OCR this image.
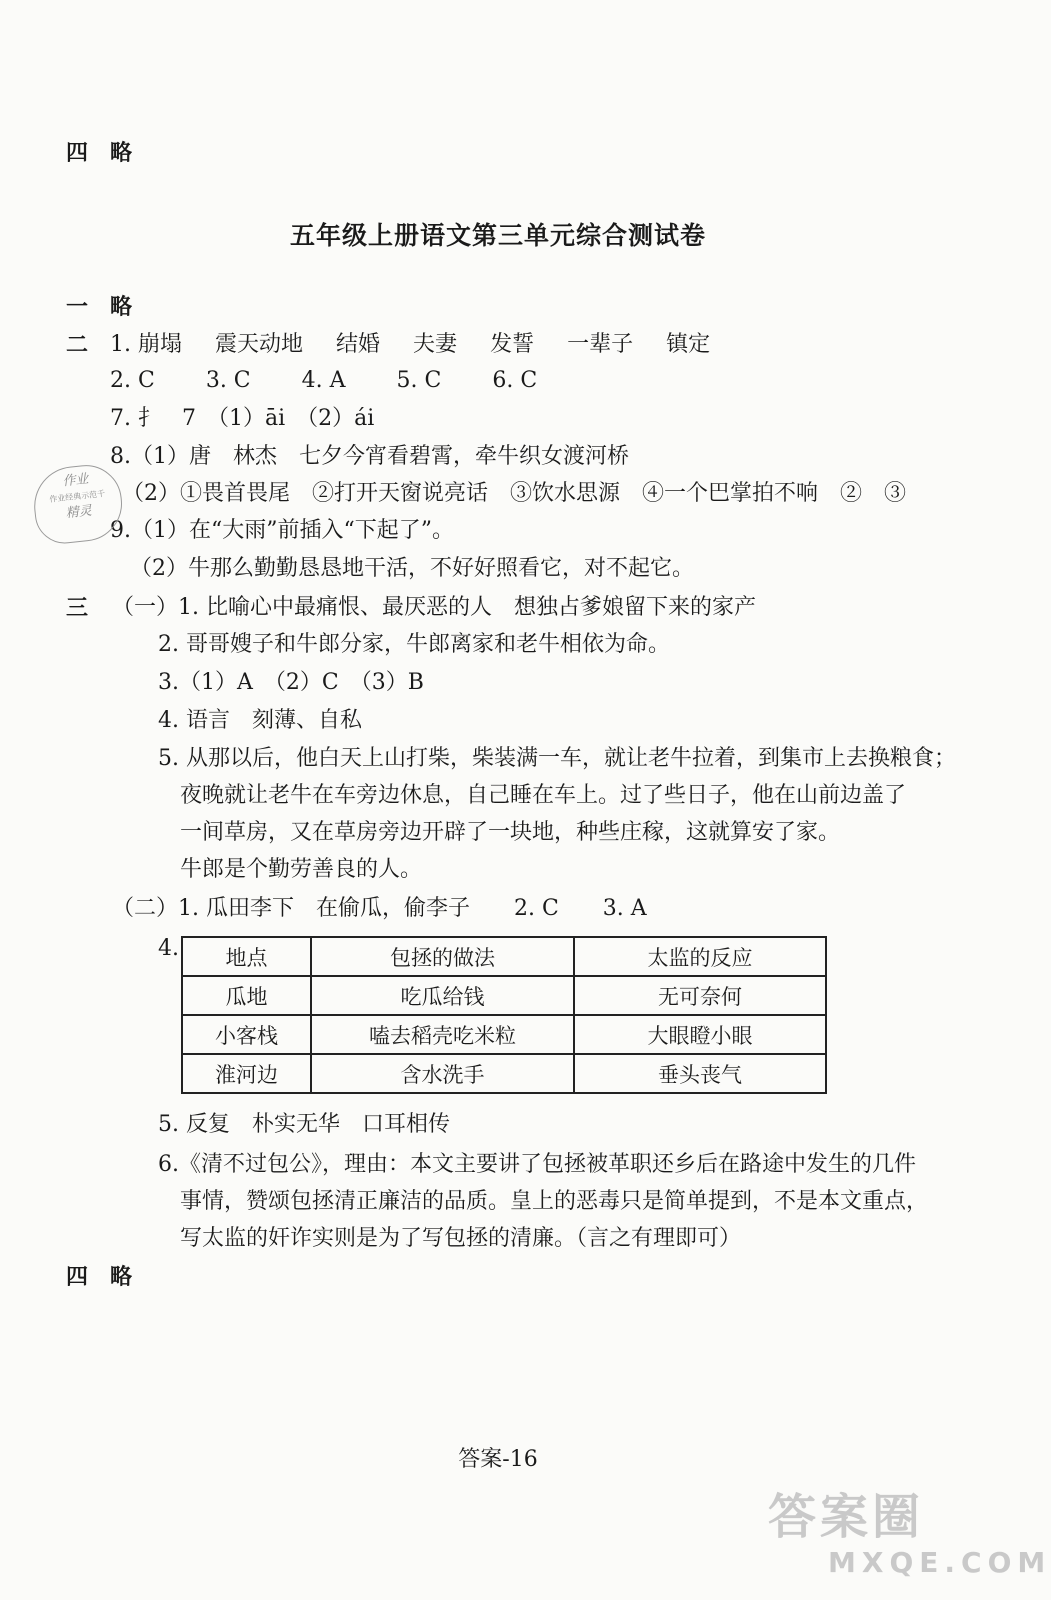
四　略
五年级上册语文第三单元综合测试卷
一　略
二 1. 崩塌 震天动地 结婚 夫妻 发誓 一辈子 镇定
2. C 3. C 4. A 5. C 6. C
7. 扌　7　（1）āi　（2）ái
8.（1）唐　林杰　七夕今宵看碧霄，牵牛织女渡河桥
（2）①畏首畏尾　②打开天窗说亮话　③饮水思源　④一个巴掌拍不响　②　③
9.（1）在“大雨”前插入“下起了”。
（2）牛那么勤勤恳恳地干活，不好好照看它，对不起它。
作业
作业经典示范千
精灵
三 （一）1. 比喻心中最痛恨、最厌恶的人　想独占爹娘留下来的家产
2. 哥哥嫂子和牛郎分家，牛郎离家和老牛相依为命。
3.（1）A　（2）C　（3）B
4. 语言　刻薄、自私
5. 从那以后，他白天上山打柴，柴装满一车，就让老牛拉着，到集市上去换粮食；
夜晚就让老牛在车旁边休息，自己睡在车上。过了些日子，他在山前边盖了
一间草房，又在草房旁边开辟了一块地，种些庄稼，这就算安了家。
牛郎是个勤劳善良的人。
（二）1. 瓜田李下　在偷瓜，偷李子　　2. C　　3. A
4. 地点	包拯的做法	太监的反应
瓜地	吃瓜给钱	无可奈何
小客栈	嗑去稻壳吃米粒	大眼瞪小眼
淮河边	含水洗手	垂头丧气
5. 反复　朴实无华　口耳相传
6.《清不过包公》，理由：本文主要讲了包拯被革职还乡后在路途中发生的几件
事情，赞颂包拯清正廉洁的品质。皇上的恶毒只是简单提到，不是本文重点，
写太监的奸诈实则是为了写包拯的清廉。（言之有理即可）
四　略
答案-16
答案圈
MXQE.COM
